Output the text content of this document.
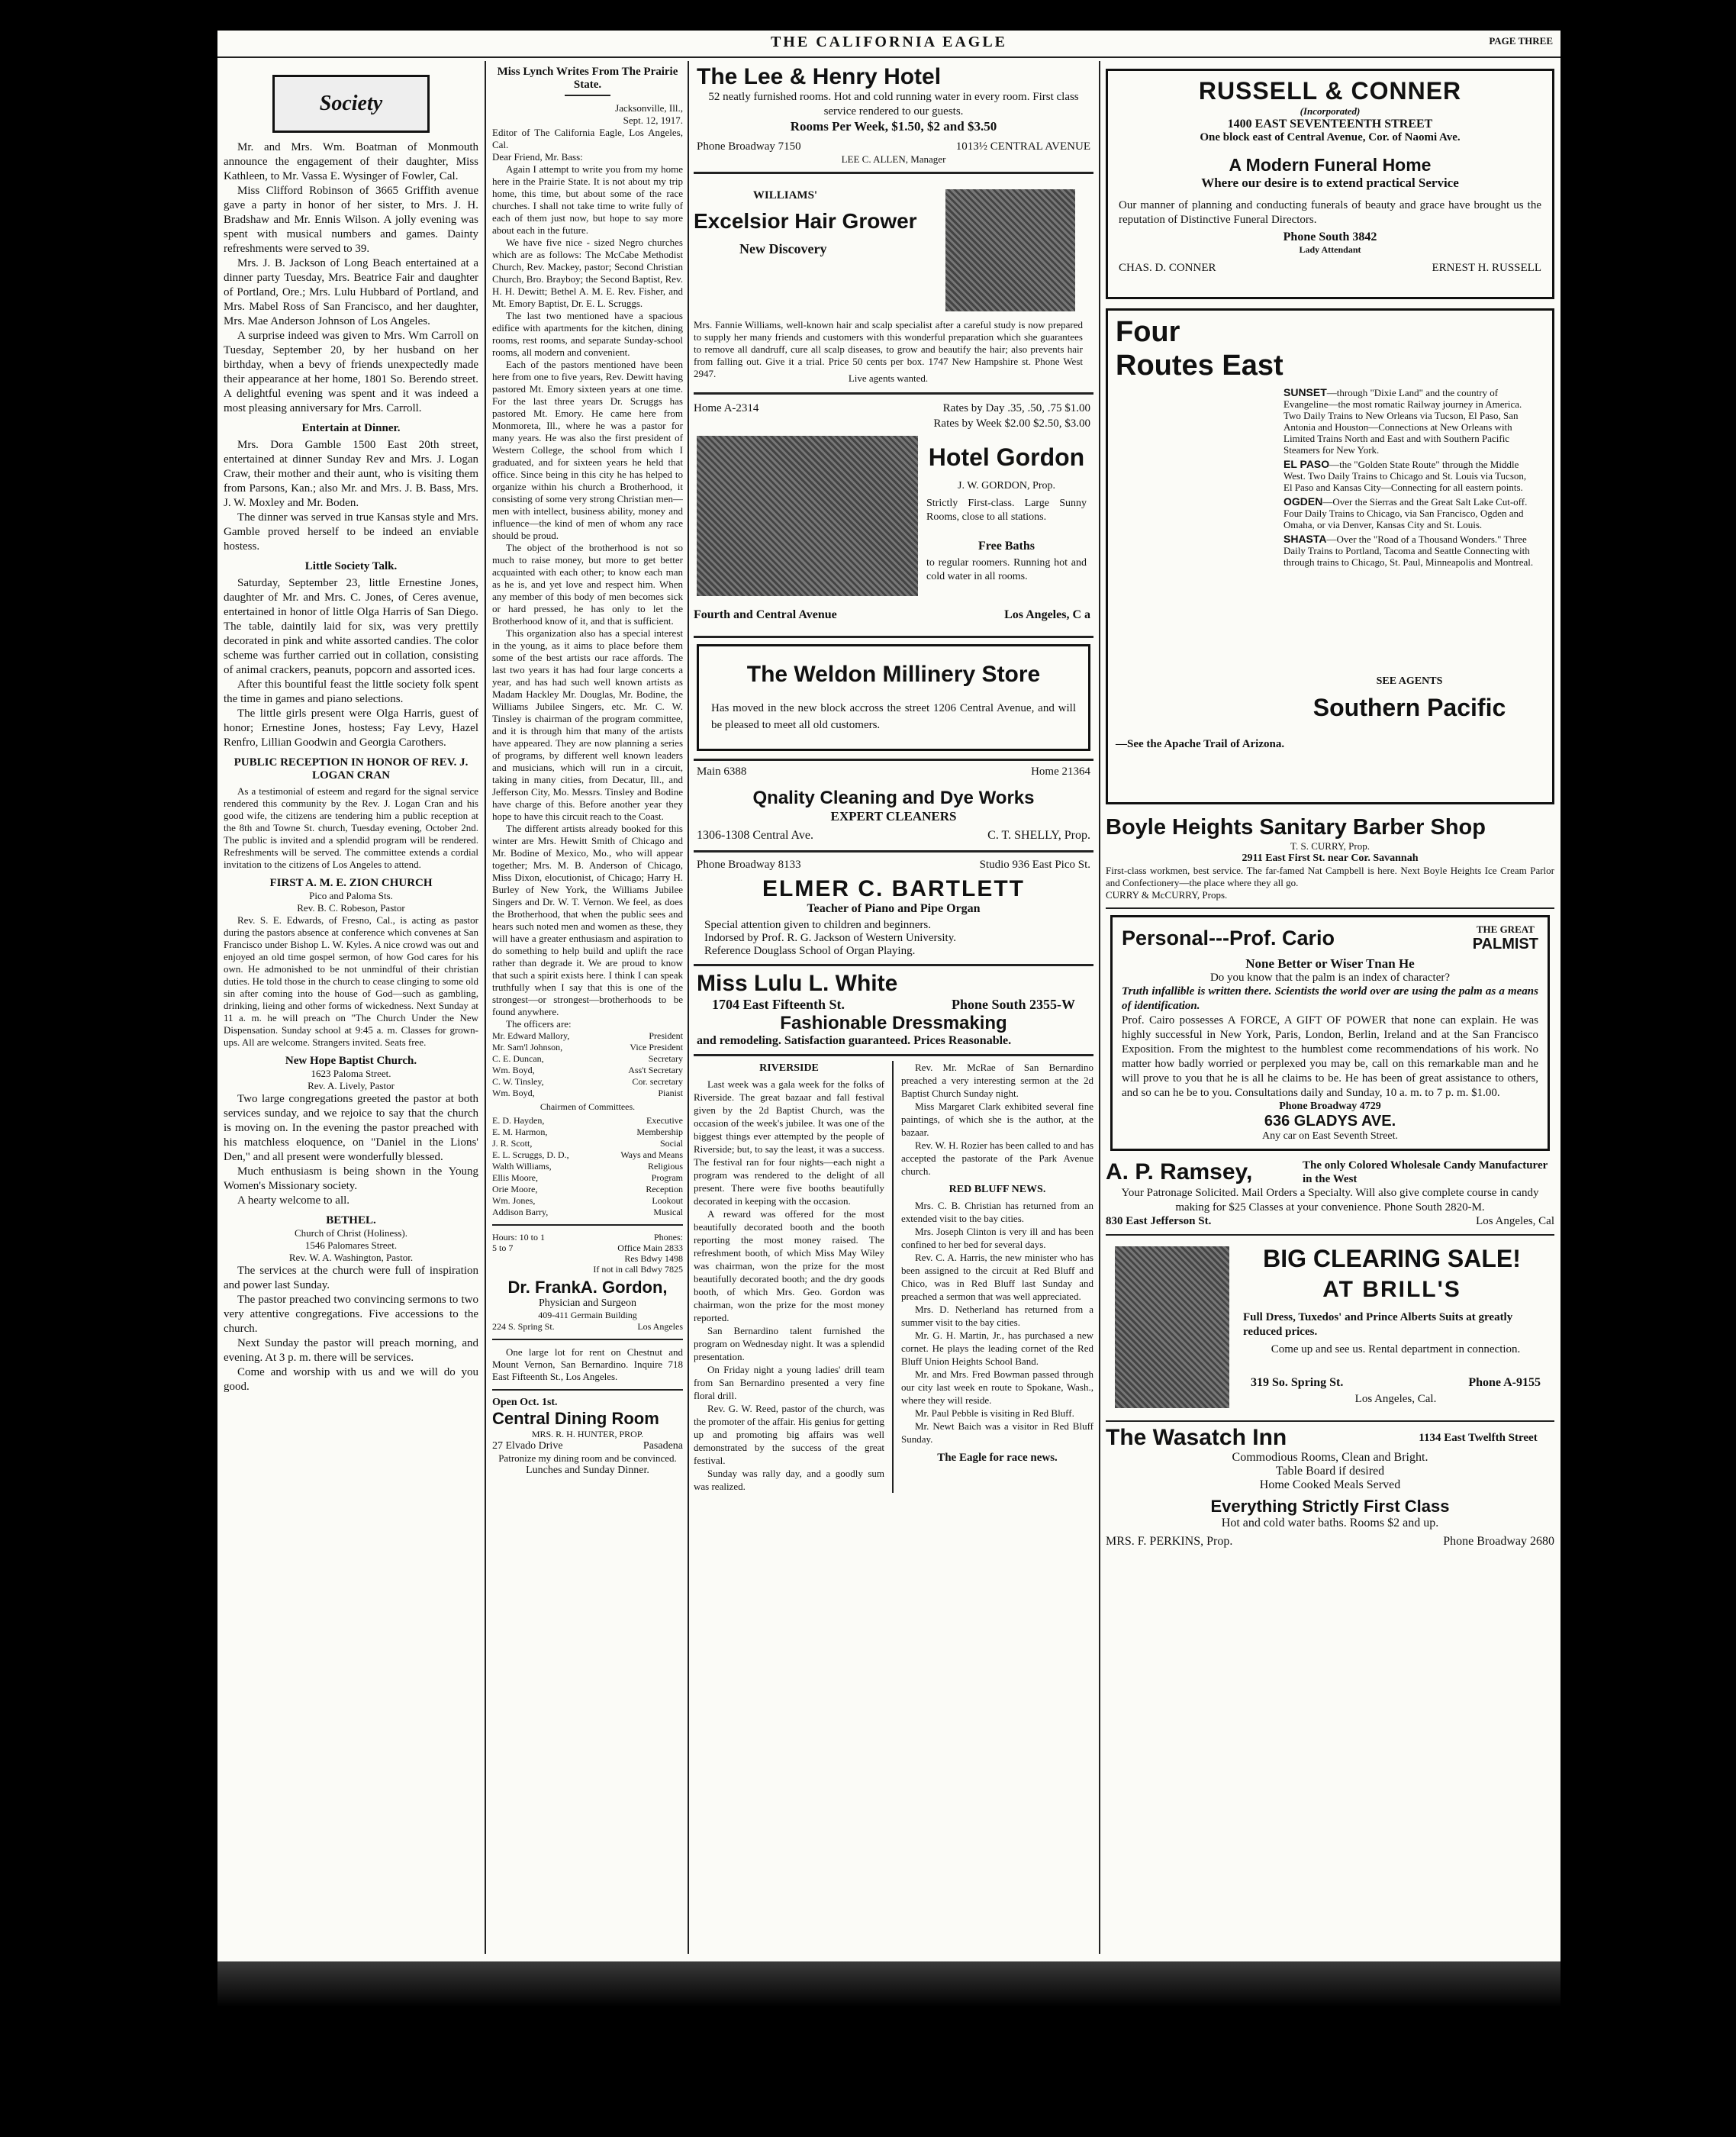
THE CALIFORNIA EAGLE	PAGE THREE
Society

Mr. and Mrs. Wm. Boatman of Monmouth announce the engagement of their daughter, Miss Kathleen, to Mr. Vassa E. Wysinger of Fowler, Cal.

Miss Clifford Robinson of 3665 Griffith avenue gave a party in honor of her sister, to Mrs. J. H. Bradshaw and Mr. Ennis Wilson. A jolly evening was spent with musical numbers and games. Dainty refreshments were served to 39.

Mrs. J. B. Jackson of Long Beach entertained at a dinner party Tuesday, Mrs. Beatrice Fair and daughter of Portland, Ore.; Mrs. Lulu Hubbard of Portland, and Mrs. Mabel Ross of San Francisco, and her daughter, Mrs. Mae Anderson Johnson of Los Angeles.

A surprise indeed was given to Mrs. Wm Carroll on Tuesday, September 20, by her husband on her birthday, when a bevy of friends unexpectedly made their appearance at her home, 1801 So. Berendo street. A delightful evening was spent and it was indeed a most pleasing anniversary for Mrs. Carroll.

Entertain at Dinner.

Mrs. Dora Gamble 1500 East 20th street, entertained at dinner Sunday Rev and Mrs. J. Logan Craw, their mother and their aunt, who is visiting them from Parsons, Kan.; also Mr. and Mrs. J. B. Bass, Mrs. J. W. Moxley and Mr. Boden.

The dinner was served in true Kansas style and Mrs. Gamble proved herself to be indeed an enviable hostess.

Little Society Talk.

Saturday, September 23, little Ernestine Jones, daughter of Mr. and Mrs. C. Jones, of Ceres avenue, entertained in honor of little Olga Harris of San Diego. The table, daintily laid for six, was very prettily decorated in pink and white assorted candies. The color scheme was further carried out in collation, consisting of animal crackers, peanuts, popcorn and assorted ices.

After this bountiful feast the little society folk spent the time in games and piano selections.

The little girls present were Olga Harris, guest of honor; Ernestine Jones, hostess; Fay Levy, Hazel Renfro, Lillian Goodwin and Georgia Carothers.

PUBLIC RECEPTION IN HONOR OF REV. J. LOGAN CRAN

As a testimonial of esteem and regard for the signal service rendered this community by the Rev. J. Logan Cran and his good wife, the citizens are tendering him a public reception at the 8th and Towne St. church, Tuesday evening, October 2nd. The public is invited and a splendid program will be rendered. Refreshments will be served. The committee extends a cordial invitation to the citizens of Los Angeles to attend.

FIRST A. M. E. ZION CHURCH
Pico and Paloma Sts.
Rev. B. C. Robeson, Pastor

Rev. S. E. Edwards, of Fresno, Cal., is acting as pastor during the pastors absence at conference which convenes at San Francisco under Bishop L. W. Kyles. A nice crowd was out and enjoyed an old time gospel sermon, of how God cares for his own. He admonished to be not unmindful of their christian duties. He told those in the church to cease clinging to some old sin after coming into the house of God—such as gambling, drinking, lieing and other forms of wickedness. Next Sunday at 11 a. m. he will preach on "The Church Under the New Dispensation. Sunday school at 9:45 a. m. Classes for grown-ups. All are welcome. Strangers invited. Seats free.

New Hope Baptist Church.
1623 Paloma Street.
Rev. A. Lively, Pastor

Two large congregations greeted the pastor at both services sunday, and we rejoice to say that the church is moving on. In the evening the pastor preached with his matchless eloquence, on "Daniel in the Lions' Den," and all present were wonderfully blessed.

Much enthusiasm is being shown in the Young Women's Missionary society.

A hearty welcome to all.

BETHEL.
Church of Christ (Holiness).
1546 Palomares Street.
Rev. W. A. Washington, Pastor.

The services at the church were full of inspiration and power last Sunday.

The pastor preached two convincing sermons to two very attentive congregations. Five accessions to the church.

Next Sunday the pastor will preach morning, and evening. At 3 p. m. there will be services.

Come and worship with us and we will do you good.

Miss Lynch Writes From The Prairie State.
Jacksonville, Ill.,
Sept. 12, 1917.

Editor of The California Eagle, Los Angeles, Cal.

Dear Friend, Mr. Bass:

Again I attempt to write you from my home here in the Prairie State. It is not about my trip home, this time, but about some of the race churches. I shall not take time to write fully of each of them just now, but hope to say more about each in the future.

We have five nice - sized Negro churches which are as follows: The McCabe Methodist Church, Rev. Mackey, pastor; Second Christian Church, Bro. Brayboy; the Second Baptist, Rev. H. H. Dewitt; Bethel A. M. E. Rev. Fisher, and Mt. Emory Baptist, Dr. E. L. Scruggs.

The last two mentioned have a spacious edifice with apartments for the kitchen, dining rooms, rest rooms, and separate Sunday-school rooms, all modern and convenient.

Each of the pastors mentioned have been here from one to five years, Rev. Dewitt having pastored Mt. Emory sixteen years at one time. For the last three years Dr. Scruggs has pastored Mt. Emory. He came here from Monmoreta, Ill., where he was a pastor for many years. He was also the first president of Western College, the school from which I graduated, and for sixteen years he held that office. Since being in this city he has helped to organize within his church a Brotherhood, it consisting of some very strong Christian men—men with intellect, business ability, money and influence—the kind of men of whom any race should be proud.

The object of the brotherhood is not so much to raise money, but more to get better acquainted with each other; to know each man as he is, and yet love and respect him. When any member of this body of men becomes sick or hard pressed, he has only to let the Brotherhood know of it, and that is sufficient.

This organization also has a special interest in the young, as it aims to place before them some of the best artists our race affords. The last two years it has had four large concerts a year, and has had such well known artists as Madam Hackley Mr. Douglas, Mr. Bodine, the Williams Jubilee Singers, etc. Mr. C. W. Tinsley is chairman of the program committee, and it is through him that many of the artists have appeared. They are now planning a series of programs, by different well known leaders and musicians, which will run in a circuit, taking in many cities, from Decatur, Ill., and Jefferson City, Mo. Messrs. Tinsley and Bodine have charge of this. Before another year they hope to have this circuit reach to the Coast.

The different artists already booked for this winter are Mrs. Hewitt Smith of Chicago and Mr. Bodine of Mexico, Mo., who will appear together; Mrs. M. B. Anderson of Chicago, Miss Dixon, elocutionist, of Chicago; Harry H. Burley of New York, the Williams Jubilee Singers and Dr. W. T. Vernon. We feel, as does the Brotherhood, that when the public sees and hears such noted men and women as these, they will have a greater enthusiasm and aspiration to do something to help build and uplift the race rather than degrade it. We are proud to know that such a spirit exists here. I think I can speak truthfully when I say that this is one of the strongest—or strongest—brotherhoods to be found anywhere.

The officers are:
Mr. Edward Mallory,	President
Mr. Sam'l Johnson,	Vice President
C. E. Duncan,	Secretary
Wm. Boyd,	Ass't Secretary
C. W. Tinsley,	Cor. secretary
Wm. Boyd,	Pianist
Chairmen of Committees.
E. D. Hayden,	Executive
E. M. Harmon,	Membership
J. R. Scott,	Social
E. L. Scruggs, D. D.,	Ways and Means
Walth Williams,	Religious
Ellis Moore,	Program
Orie Moore,	Reception
Wm. Jones,	Lookout
Addison Barry,	Musical
Hours: 10 to 1
5 to 7
Phones:
Office Main 2833
Res Bdwy 1498
If not in call Bdwy 7825
Dr. FrankA. Gordon,
Physician and Surgeon
409-411 Germain Building
224 S. Spring St.	Los Angeles

One large lot for rent on Chestnut and Mount Vernon, San Bernardino. Inquire 718 East Fifteenth St., Los Angeles.

Open Oct. 1st.
Central Dining Room
MRS. R. H. HUNTER, PROP.
27 Elvado Drive	Pasadena
Patronize my dining room and be convinced.
Lunches and Sunday Dinner.
The Lee & Henry Hotel

52 neatly furnished rooms. Hot and cold running water in every room. First class service rendered to our guests.

Rooms Per Week, $1.50, $2 and $3.50
Phone Broadway 7150	1013½ CENTRAL AVENUE
LEE C. ALLEN, Manager
WILLIAMS'
Excelsior Hair Grower
New Discovery

Mrs. Fannie Williams, well-known hair and scalp specialist after a careful study is now prepared to supply her many friends and customers with this wonderful preparation which she guarantees to remove all dandruff, cure all scalp diseases, to grow and beautify the hair; also prevents hair from falling out. Give it a trial. Price 50 cents per box. 1747 New Hampshire st. Phone West 2947.	Live agents wanted.
Home A-2314	Rates by Day .35, .50, .75 $1.00
Rates by Week $2.00 $2.50, $3.00
Hotel Gordon
J. W. GORDON, Prop.

Strictly First-class. Large Sunny Rooms, close to all stations.

Free Baths

to regular roomers. Running hot and cold water in all rooms.

Fourth and Central Avenue	Los Angeles, C a
The Weldon Millinery Store

Has moved in the new block accross the street 1206 Central Avenue, and will be pleased to meet all old customers.

Main 6388	Home 21364
Qnality Cleaning and Dye Works
EXPERT CLEANERS
1306-1308 Central Ave.	C. T. SHELLY, Prop.
Phone Broadway 8133	Studio 936 East Pico St.
ELMER C. BARTLETT
Teacher of Piano and Pipe Organ
Special attention given to children and beginners.
Indorsed by Prof. R. G. Jackson of Western University.
Reference Douglass School of Organ Playing.
Miss Lulu L. White
1704 East Fifteenth St.	Phone South 2355-W
Fashionable Dressmaking
and remodeling. Satisfaction guaranteed. Prices Reasonable.
RIVERSIDE

Last week was a gala week for the folks of Riverside. The great bazaar and fall festival given by the 2d Baptist Church, was the occasion of the week's jubilee. It was one of the biggest things ever attempted by the people of Riverside; but, to say the least, it was a success. The festival ran for four nights—each night a program was rendered to the delight of all present. There were five booths beautifully decorated in keeping with the occasion.

A reward was offered for the most beautifully decorated booth and the booth reporting the most money raised. The refreshment booth, of which Miss May Wiley was chairman, won the prize for the most beautifully decorated booth; and the dry goods booth, of which Mrs. Geo. Gordon was chairman, won the prize for the most money reported.

San Bernardino talent furnished the program on Wednesday night. It was a splendid presentation.

On Friday night a young ladies' drill team from San Bernardino presented a very fine floral drill.

Rev. G. W. Reed, pastor of the church, was the promoter of the affair. His genius for getting up and promoting big affairs was well demonstrated by the success of the great festival.

Sunday was rally day, and a goodly sum was realized.

Rev. Mr. McRae of San Bernardino preached a very interesting sermon at the 2d Baptist Church Sunday night.

Miss Margaret Clark exhibited several fine paintings, of which she is the author, at the bazaar.

Rev. W. H. Rozier has been called to and has accepted the pastorate of the Park Avenue church.

RED BLUFF NEWS.

Mrs. C. B. Christian has returned from an extended visit to the bay cities.

Mrs. Joseph Clinton is very ill and has been confined to her bed for several days.

Rev. C. A. Harris, the new minister who has been assigned to the circuit at Red Bluff and Chico, was in Red Bluff last Sunday and preached a sermon that was well appreciated.

Mrs. D. Netherland has returned from a summer visit to the bay cities.

Mr. G. H. Martin, Jr., has purchased a new cornet. He plays the leading cornet of the Red Bluff Union Heights School Band.

Mr. and Mrs. Fred Bowman passed through our city last week en route to Spokane, Wash., where they will reside.

Mr. Paul Pebble is visiting in Red Bluff.

Mr. Newt Baich was a visitor in Red Bluff Sunday.

The Eagle for race news.
RUSSELL & CONNER
(Incorporated)
1400 EAST SEVENTEENTH STREET
One block east of Central Avenue, Cor. of Naomi Ave.
A Modern Funeral Home
Where our desire is to extend practical Service

Our manner of planning and conducting funerals of beauty and grace have brought us the reputation of Distinctive Funeral Directors.

Phone South 3842
Lady Attendant
CHAS. D. CONNER	ERNEST H. RUSSELL
Four
Routes East
SUNSET—through "Dixie Land" and the country of Evangeline—the most romatic Railway journey in America. Two Daily Trains to New Orleans via Tucson, El Paso, San Antonia and Houston—Connections at New Orleans with Limited Trains North and East and with Southern Pacific Steamers for New York.
EL PASO—the "Golden State Route" through the Middle West. Two Daily Trains to Chicago and St. Louis via Tucson, El Paso and Kansas City—Connecting for all eastern points.
OGDEN—Over the Sierras and the Great Salt Lake Cut-off. Four Daily Trains to Chicago, via San Francisco, Ogden and Omaha, or via Denver, Kansas City and St. Louis.
SHASTA—Over the "Road of a Thousand Wonders." Three Daily Trains to Portland, Tacoma and Seattle Connecting with through trains to Chicago, St. Paul, Minneapolis and Montreal.
SEE AGENTS
Southern Pacific
—See the Apache Trail of Arizona.
Boyle Heights Sanitary Barber Shop
T. S. CURRY, Prop.
2911 East First St. near Cor. Savannah

First-class workmen, best service. The far-famed Nat Campbell is here. Next Boyle Heights Ice Cream Parlor and Confectionery—the place where they all go.

CURRY & McCURRY, Props.
Personal---Prof. Cario	THE GREAT
PALMIST
None Better or Wiser Tnan He
Do you know that the palm is an index of character?

Truth infallible is written there. Scientists the world over are using the palm as a means of identification.

Prof. Cairo possesses A FORCE, A GIFT OF POWER that none can explain. He was highly successful in New York, Paris, London, Berlin, Ireland and at the San Francisco Exposition. From the mightest to the humblest come recommendations of his work. No matter how badly worried or perplexed you may be, call on this remarkable man and he will prove to you that he is all he claims to be. He has been of great assistance to others, and so can he be to you. Consultations daily and Sunday, 10 a. m. to 7 p. m. $1.00.

Phone Broadway 4729
636 GLADYS AVE.
Any car on East Seventh Street.
A. P. Ramsey,	The only Colored Wholesale Candy Manufacturer in the West

Your Patronage Solicited. Mail Orders a Specialty. Will also give complete course in candy making for $25 Classes at your convenience. Phone South 2820-M.

830 East Jefferson St.	Los Angeles, Cal
BIG CLEARING SALE!
AT BRILL'S
Full Dress, Tuxedos' and Prince Alberts Suits at greatly reduced prices.
Come up and see us. Rental department in connection.
319 So. Spring St.	Phone A-9155
Los Angeles, Cal.
The Wasatch Inn	1134 East Twelfth Street
Commodious Rooms, Clean and Bright.
Table Board if desired
Home Cooked Meals Served
Everything Strictly First Class
Hot and cold water baths. Rooms $2 and up.
MRS. F. PERKINS, Prop.	Phone Broadway 2680
